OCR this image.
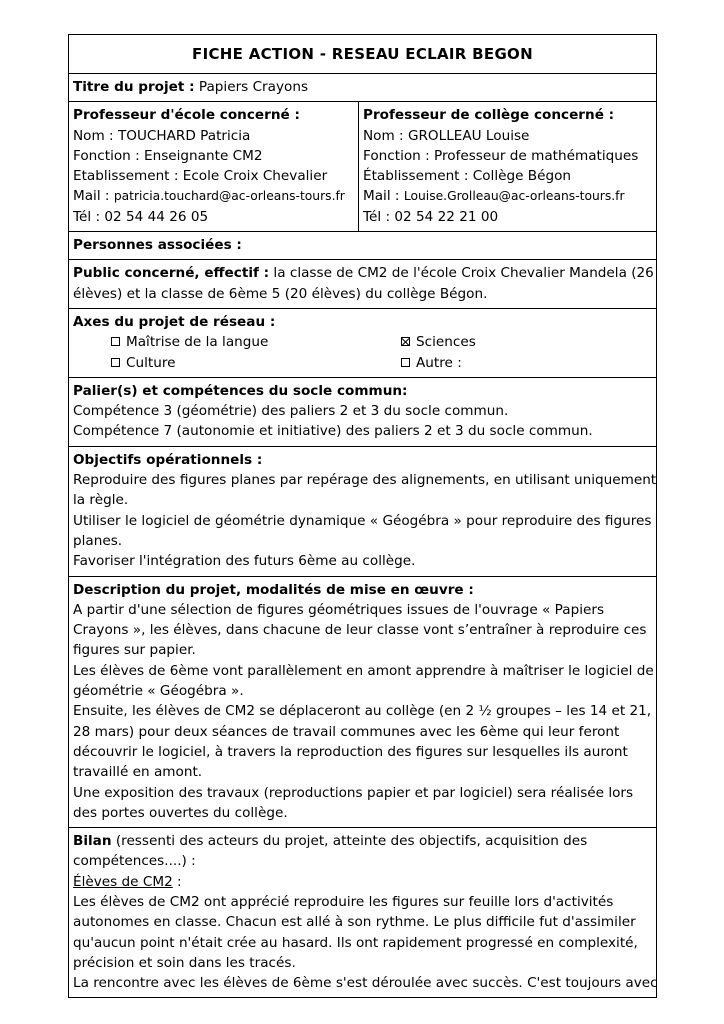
FICHE ACTION - RESEAU ECLAIR BEGON
Titre du projet : Papiers Crayons

Professeur d'école concerné :
Nom : TOUCHARD Patricia
Fonction : Enseignante CM2
Etablissement : Ecole Croix Chevalier
Mail : patricia.touchard@ac-orleans-tours.fr
Tél : 02 54 44 26 05

Professeur de collège concerné :
Nom : GROLLEAU Louise
Fonction : Professeur de mathématiques
Établissement : Collège Bégon
Mail : Louise.Grolleau@ac-orleans-tours.fr
Tél : 02 54 22 21 00

Personnes associées :

Public concerné, effectif : la classe de CM2 de l'école Croix Chevalier Mandela (26
élèves) et la classe de 6ème 5 (20 élèves) du collège Bégon.

Axes du projet de réseau :
Maîtrise de la langue	Sciences
Culture	Autre :

Palier(s) et compétences du socle commun:
Compétence 3 (géométrie) des paliers 2 et 3 du socle commun.
Compétence 7 (autonomie et initiative) des paliers 2 et 3 du socle commun.

Objectifs opérationnels :
Reproduire des figures planes par repérage des alignements, en utilisant uniquement
la règle.
Utiliser le logiciel de géométrie dynamique « Géogébra » pour reproduire des figures
planes.
Favoriser l'intégration des futurs 6ème au collège.

Description du projet, modalités de mise en œuvre :
A partir d'une sélection de figures géométriques issues de l'ouvrage « Papiers
Crayons », les élèves, dans chacune de leur classe vont s’entraîner à reproduire ces
figures sur papier.
Les élèves de 6ème vont parallèlement en amont apprendre à maîtriser le logiciel de
géométrie « Géogébra ».
Ensuite, les élèves de CM2 se déplaceront au collège (en 2 ½ groupes – les 14 et 21,
28 mars) pour deux séances de travail communes avec les 6ème qui leur feront
découvrir le logiciel, à travers la reproduction des figures sur lesquelles ils auront
travaillé en amont.
Une exposition des travaux (reproductions papier et par logiciel) sera réalisée lors
des portes ouvertes du collège.

Bilan (ressenti des acteurs du projet, atteinte des objectifs, acquisition des
compétences....) :
Élèves de CM2 :
Les élèves de CM2 ont apprécié reproduire les figures sur feuille lors d'activités
autonomes en classe. Chacun est allé à son rythme. Le plus difficile fut d'assimiler
qu'aucun point n'était crée au hasard. Ils ont rapidement progressé en complexité,
précision et soin dans les tracés.
La rencontre avec les élèves de 6ème s'est déroulée avec succès. C'est toujours avec
